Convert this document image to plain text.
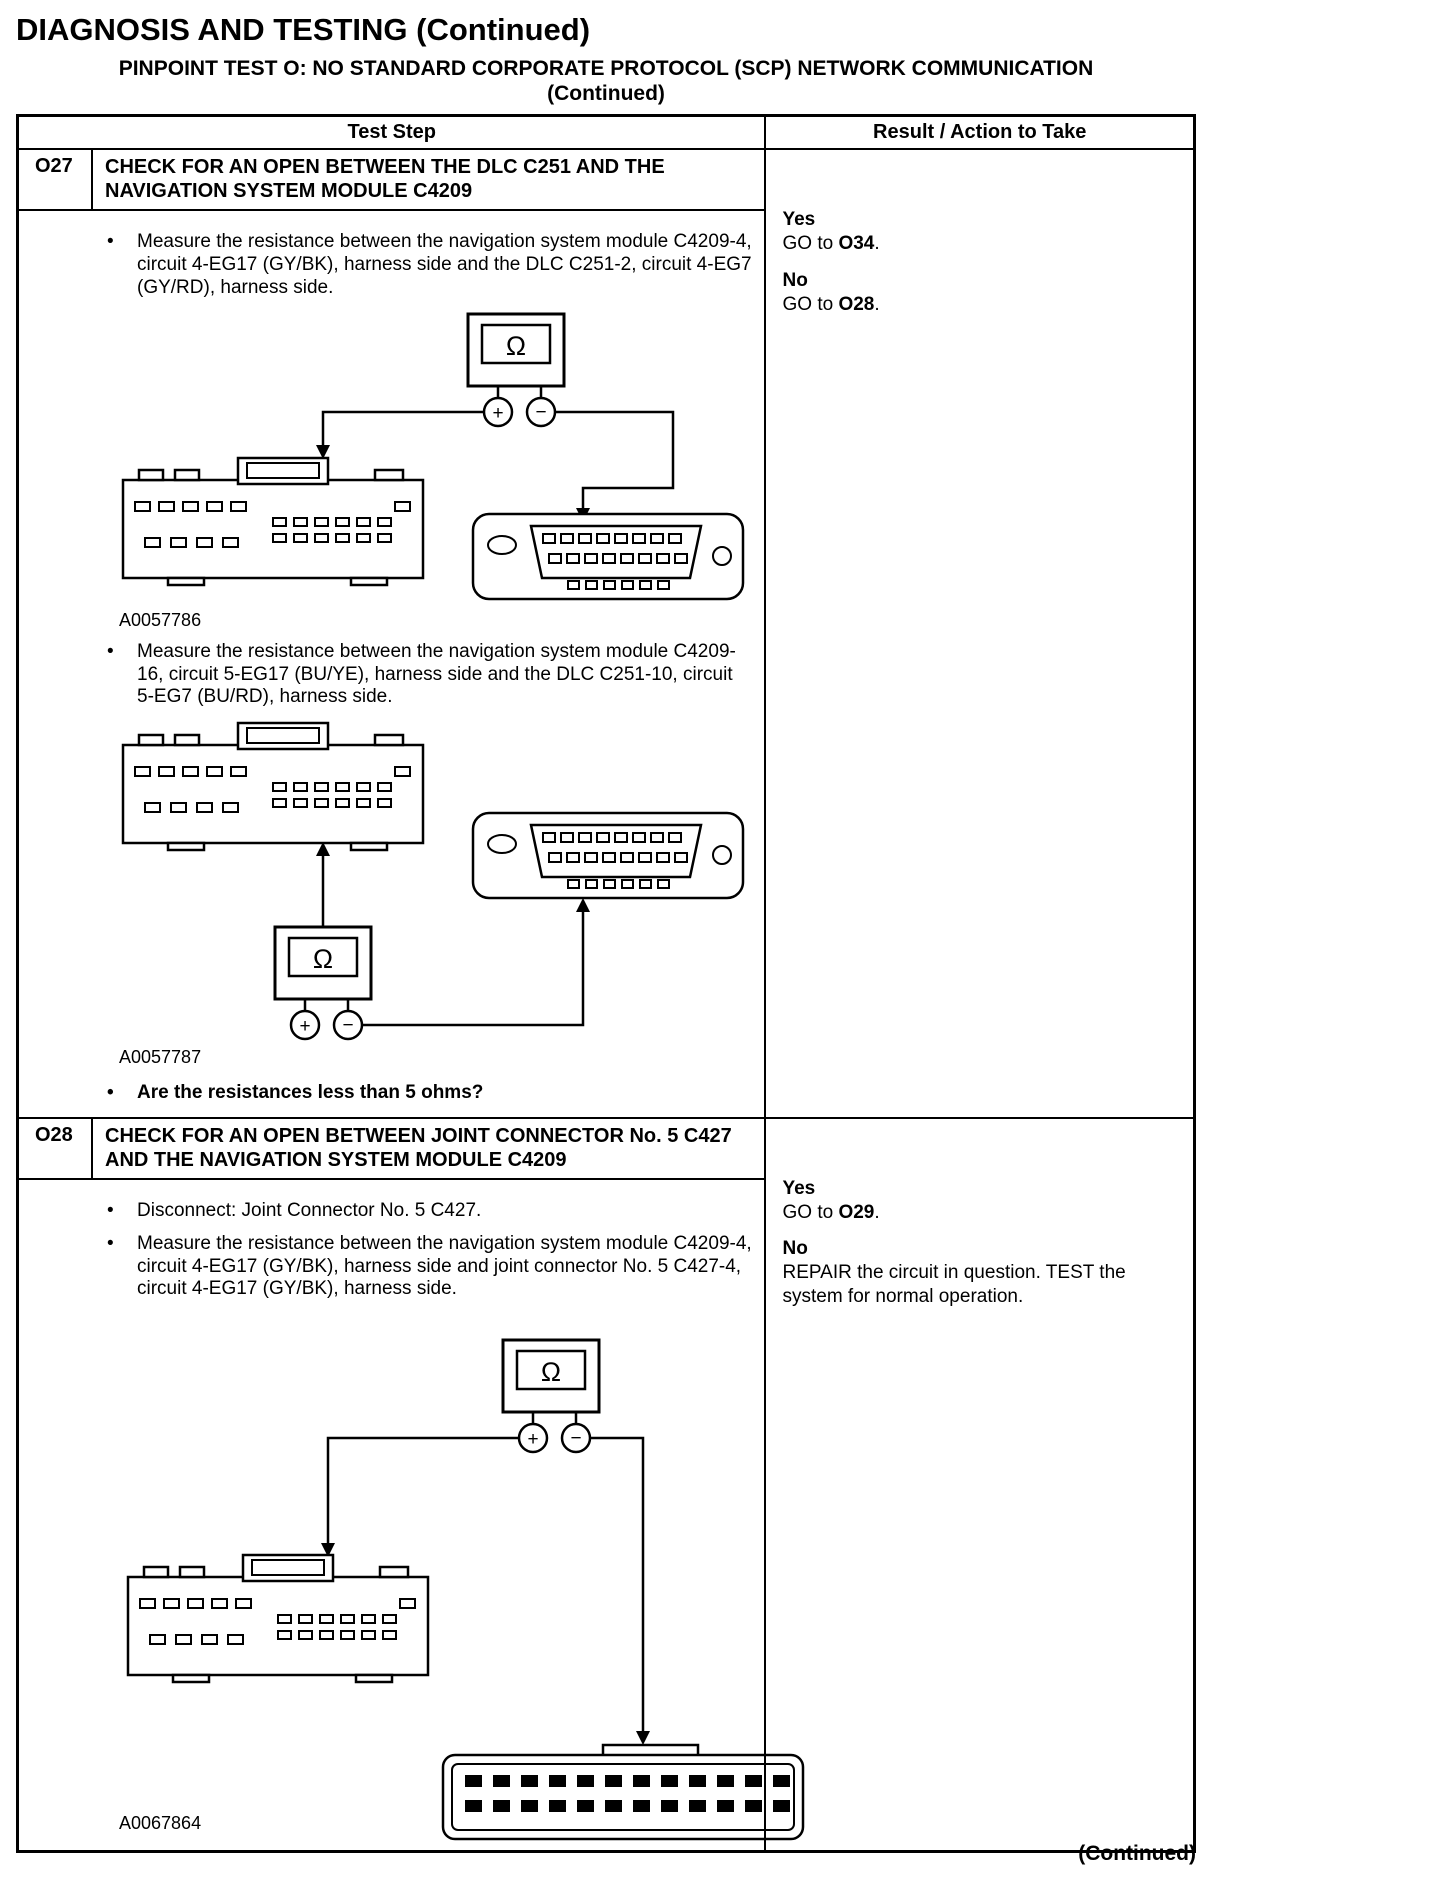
DIAGNOSIS AND TESTING (Continued)
PINPOINT TEST O: NO STANDARD CORPORATE PROTOCOL (SCP) NETWORK COMMUNICATION
(Continued)
Test Step	Result / Action to Take
O27	CHECK FOR AN OPEN BETWEEN THE DLC C251 AND THE NAVIGATION SYSTEM MODULE C4209
• Measure the resistance between the navigation system module C4209-4, circuit 4-EG17 (GY/BK), harness side and the DLC C251-2, circuit 4-EG7 (GY/RD), harness side.
A0057786
• Measure the resistance between the navigation system module C4209-16, circuit 5-EG17 (BU/YE), harness side and the DLC C251-10, circuit 5-EG7 (BU/RD), harness side.
A0057787
• Are the resistances less than 5 ohms?
Yes
GO to O34.
No
GO to O28.
O28	CHECK FOR AN OPEN BETWEEN JOINT CONNECTOR No. 5 C427 AND THE NAVIGATION SYSTEM MODULE C4209
• Disconnect: Joint Connector No. 5 C427.
• Measure the resistance between the navigation system module C4209-4, circuit 4-EG17 (GY/BK), harness side and joint connector No. 5 C427-4, circuit 4-EG17 (GY/BK), harness side.
A0067864
Yes
GO to O29.
No
REPAIR the circuit in question. TEST the system for normal operation.
(Continued)
